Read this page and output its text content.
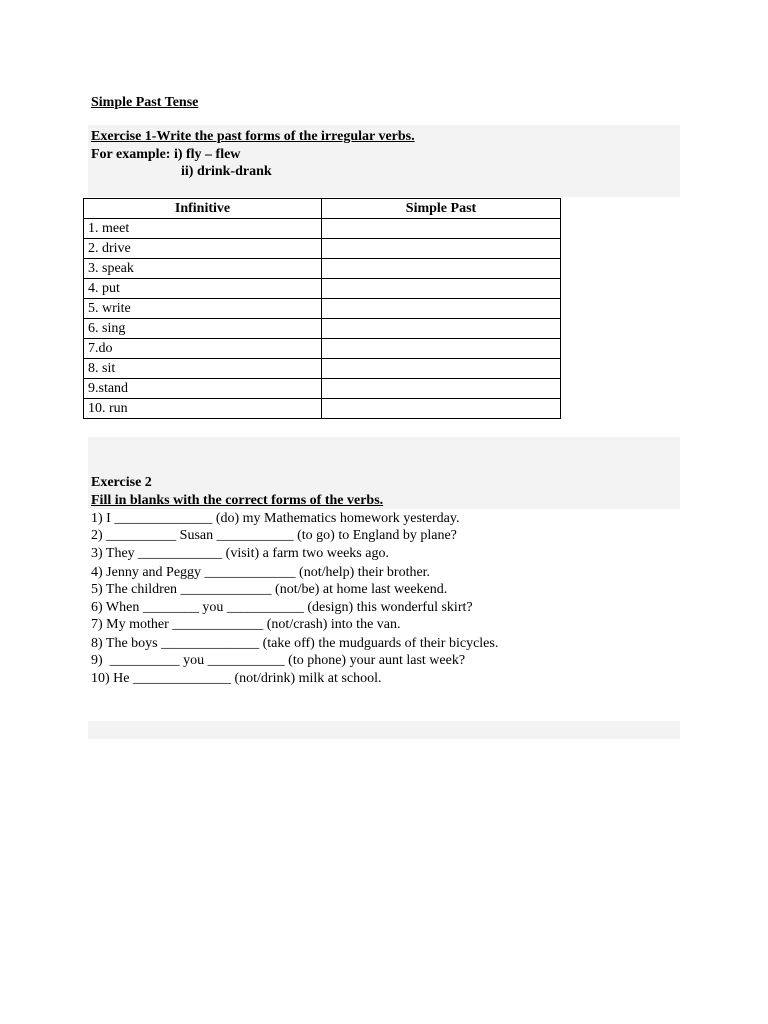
Simple Past Tense
Exercise 1-Write the past forms of the irregular verbs.
For example: i) fly – flew
ii) drink-drank
Infinitive	Simple Past
1. meet	
2. drive	
3. speak	
4. put	
5. write	
6. sing	
7.do	
8. sit	
9.stand	
10. run	
Exercise 2
Fill in blanks with the correct forms of the verbs.
1) I ______________ (do) my Mathematics homework yesterday.
2) __________ Susan ___________ (to go) to England by plane?
3) They ____________ (visit) a farm two weeks ago.
4) Jenny and Peggy _____________ (not/help) their brother.
5) The children _____________ (not/be) at home last weekend.
6) When ________ you ___________ (design) this wonderful skirt?
7) My mother _____________ (not/crash) into the van.
8) The boys ______________ (take off) the mudguards of their bicycles.
9)  __________ you ___________ (to phone) your aunt last week?
10) He ______________ (not/drink) milk at school.
